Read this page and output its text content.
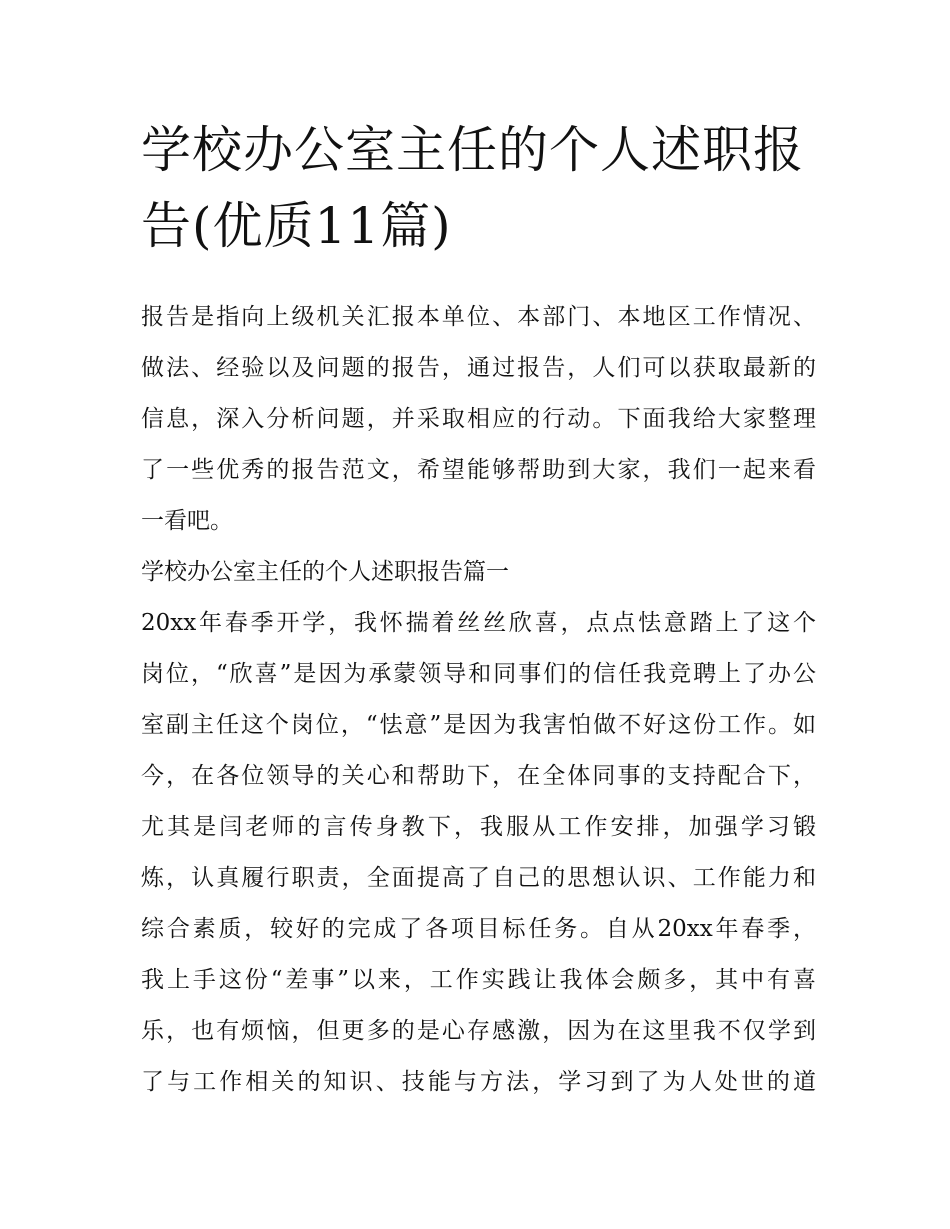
学校办公室主任的个人述职报
告(优质11篇)

报告是指向上级机关汇报本单位、本部门、本地区工作情况、
做法、经验以及问题的报告，通过报告，人们可以获取最新的
信息，深入分析问题，并采取相应的行动。下面我给大家整理
了一些优秀的报告范文，希望能够帮助到大家，我们一起来看
一看吧。

学校办公室主任的个人述职报告篇一

20xx年春季开学，我怀揣着丝丝欣喜，点点怯意踏上了这个
岗位，“欣喜”是因为承蒙领导和同事们的信任我竞聘上了办公
室副主任这个岗位，“怯意”是因为我害怕做不好这份工作。如
今，在各位领导的关心和帮助下，在全体同事的支持配合下，
尤其是闫老师的言传身教下，我服从工作安排，加强学习锻
炼，认真履行职责，全面提高了自己的思想认识、工作能力和
综合素质，较好的完成了各项目标任务。自从20xx年春季，
我上手这份“差事”以来，工作实践让我体会颇多，其中有喜
乐，也有烦恼，但更多的是心存感激，因为在这里我不仅学到
了与工作相关的知识、技能与方法，学习到了为人处世的道
